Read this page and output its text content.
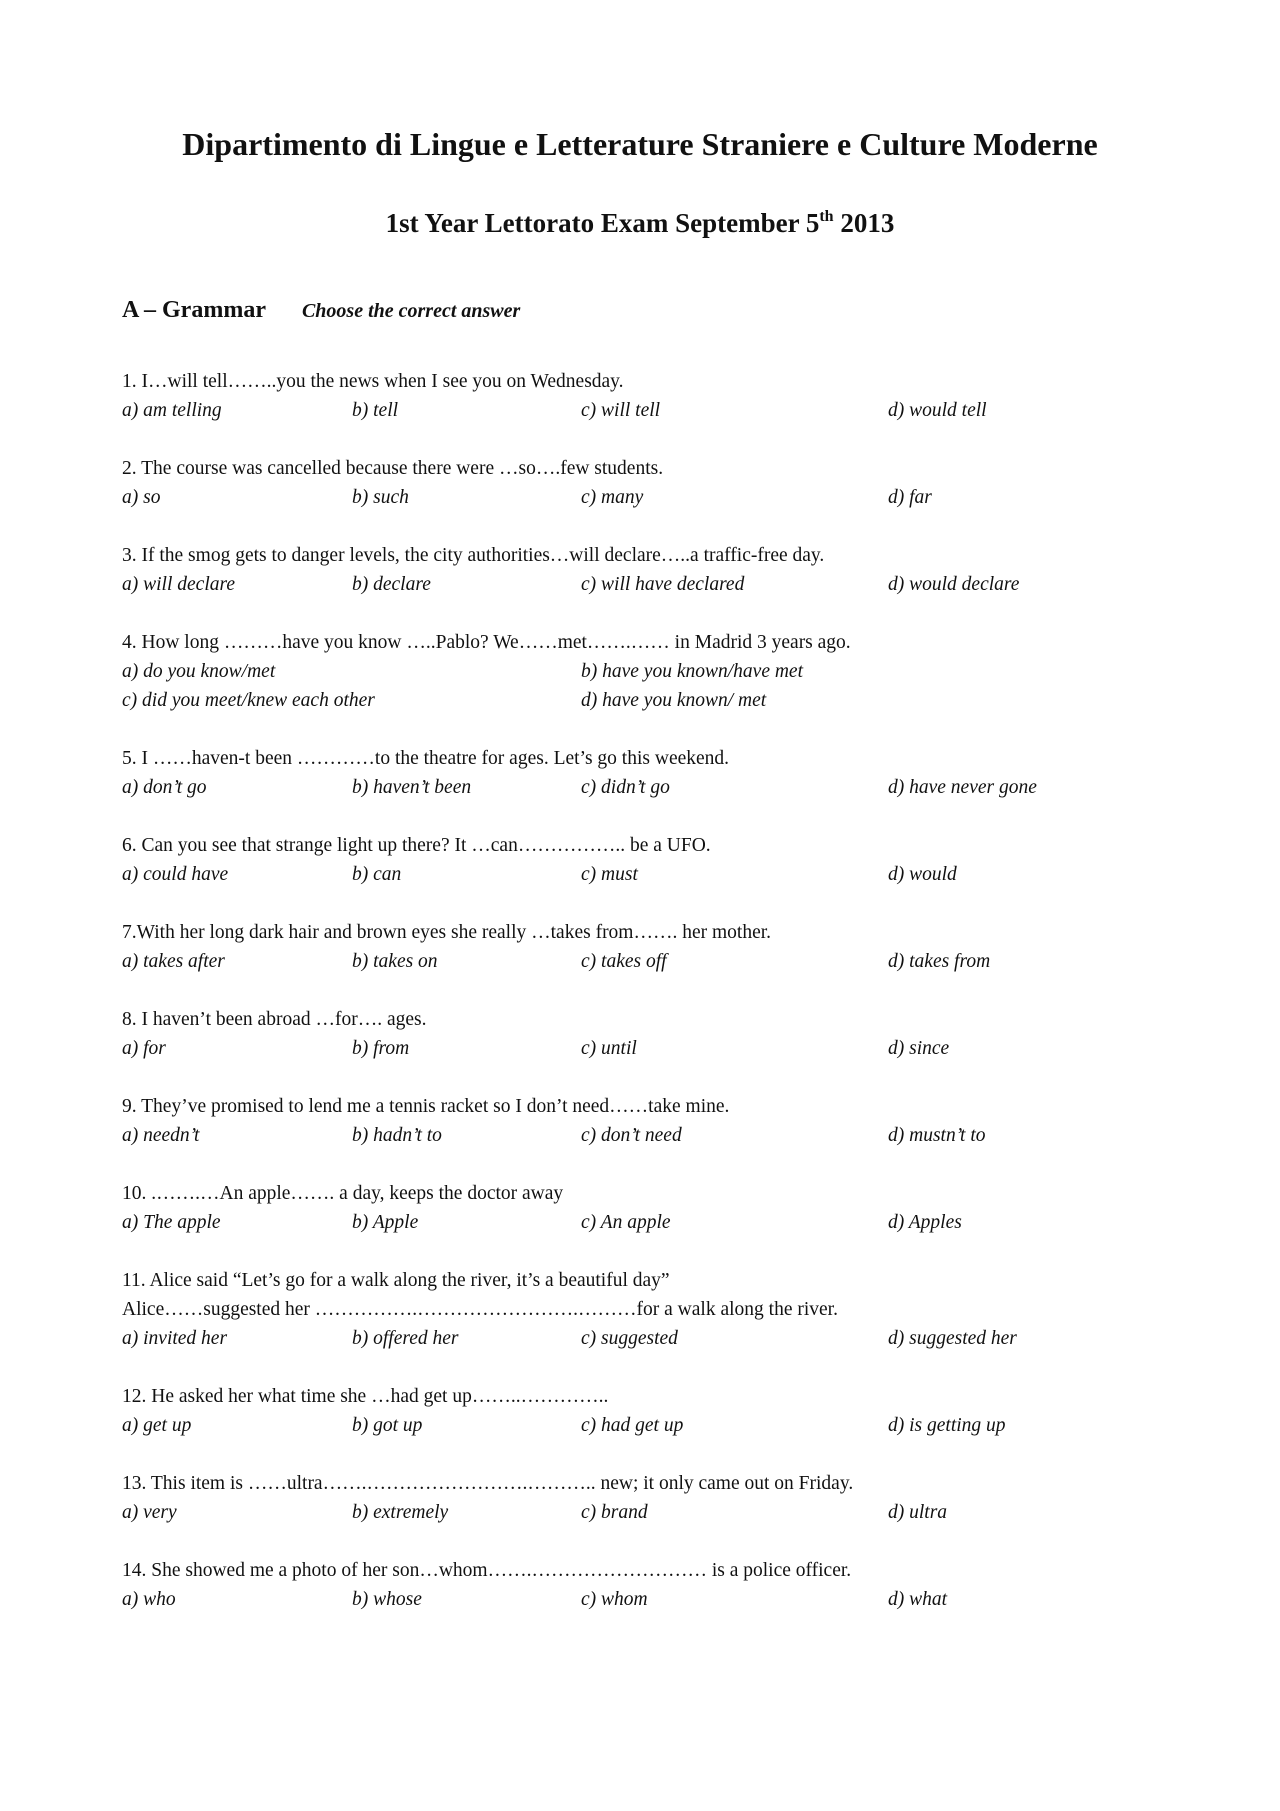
Dipartimento di Lingue e Letterature Straniere e Culture Moderne
1st Year Lettorato Exam September 5th 2013
A – Grammar Choose the correct answer
1. I…will tell……..you the news when I see you on Wednesday.
a) am telling	b) tell	c) will tell	d) would tell
2. The course was cancelled because there were …so….few students.
a) so	b) such	c) many	d) far
3. If the smog gets to danger levels, the city authorities…will declare…..a traffic-free day.
a) will declare	b) declare	c) will have declared	d) would declare
4. How long ………have you know …..Pablo? We……met…….…… in Madrid 3 years ago.
a) do you know/met	b) have you known/have met
c) did you meet/knew each other	d) have you known/ met
5. I ……haven-t been …………to the theatre for ages. Let’s go this weekend.
a) don’t go	b) haven’t been	c) didn’t go	d) have never gone
6. Can you see that strange light up there? It …can…………….. be a UFO.
a) could have	b) can	c) must	d) would
7.With her long dark hair and brown eyes she really …takes from……. her mother.
a) takes after	b) takes on	c) takes off	d) takes from
8. I haven’t been abroad …for…. ages.
a) for	b) from	c) until	d) since
9. They’ve promised to lend me a tennis racket so I don’t need……take mine.
a) needn’t	b) hadn’t to	c) don’t need	d) mustn’t to
10. .…….…An apple……. a day, keeps the doctor away
a) The apple	b) Apple	c) An apple	d) Apples
11. Alice said “Let’s go for a walk along the river, it’s a beautiful day”
Alice……suggested her …………….…………………….………for a walk along the river.
a) invited her	b) offered her	c) suggested	d) suggested her
12. He asked her what time she …had get up……..…………..
a) get up	b) got up	c) had get up	d) is getting up
13. This item is ……ultra…….…………………….……….. new; it only came out on Friday.
a) very	b) extremely	c) brand	d) ultra
14. She showed me a photo of her son…whom…….……………………… is a police officer.
a) who	b) whose	c) whom	d) what
